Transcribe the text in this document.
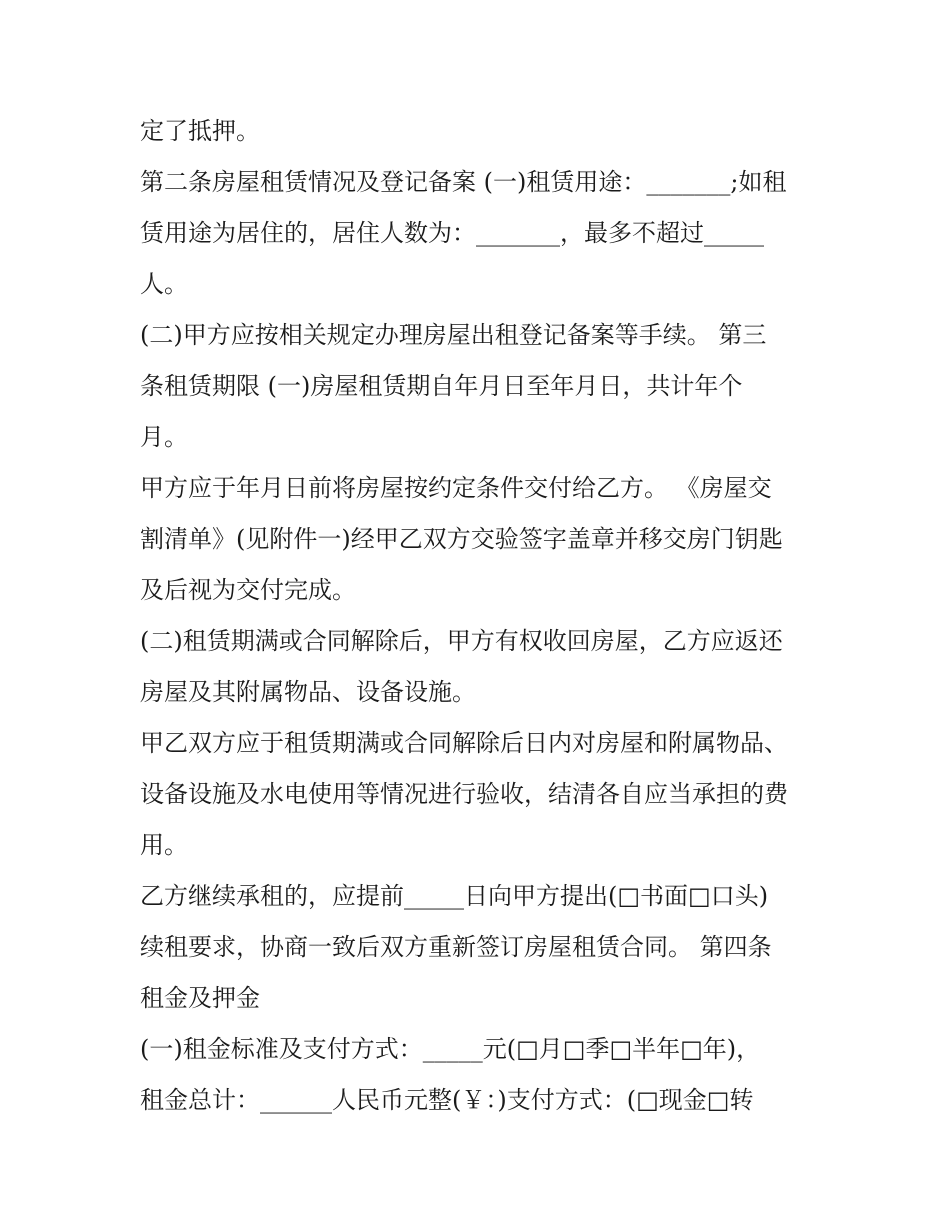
定了抵押。
第二条房屋租赁情况及登记备案 (一)租赁用途：_______;如租
赁用途为居住的，居住人数为：_______，最多不超过_____
人。
(二)甲方应按相关规定办理房屋出租登记备案等手续。 第三
条租赁期限 (一)房屋租赁期自年月日至年月日，共计年个
月。
甲方应于年月日前将房屋按约定条件交付给乙方。 《房屋交
割清单》(见附件一)经甲乙双方交验签字盖章并移交房门钥匙
及后视为交付完成。
(二)租赁期满或合同解除后，甲方有权收回房屋，乙方应返还
房屋及其附属物品、设备设施。
甲乙双方应于租赁期满或合同解除后日内对房屋和附属物品、
设备设施及水电使用等情况进行验收，结清各自应当承担的费
用。
乙方继续承租的，应提前_____日向甲方提出(□书面□口头)
续租要求，协商一致后双方重新签订房屋租赁合同。 第四条
租金及押金
(一)租金标准及支付方式：_____元(□月□季□半年□年)，
租金总计：______人民币元整(￥：)支付方式：(□现金□转
